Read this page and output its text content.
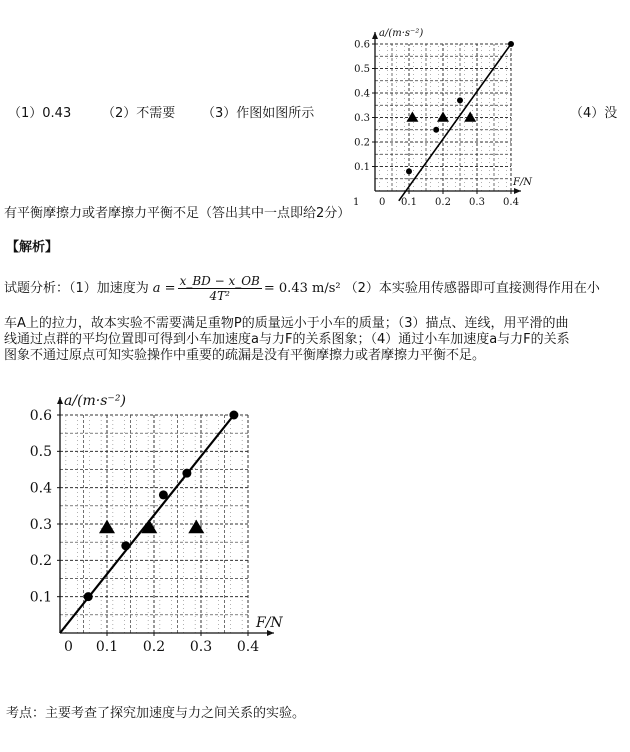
（1）0.43 （2）不需要 （3）作图如图所示	（4）没
有平衡摩擦力或者摩擦力平衡不足（答出其中一点即给2分）
0.1
0.2
0.3
0.4
0.5
0.6
0.1 0.2 0.3 0.4
0
1
a/(m·s⁻²)
F/N
【解析】
试题分析：（1）加速度为 $a = \frac{x\_BD - x\_OB}{\text{4T²}} = 0.43$ m/s² （2）本实验用传感器即可直接测得作用在小
车A上的拉力，故本实验不需要满足重物P的质量远小于小车的质量；（3）描点、连线，用平滑的曲
线通过点群的平均位置即可得到小车加速度a与力F的关系图象；（4）通过小车加速度a与力F的关系
图象不通过原点可知实验操作中重要的疏漏是没有平衡摩擦力或者摩擦力平衡不足。
0.1
0.2
0.3
0.4
0.5
0.6
0.1 0.2 0.3 0.4
0
a/(m·s⁻²)
F/N
考点：主要考查了探究加速度与力之间关系的实验。
